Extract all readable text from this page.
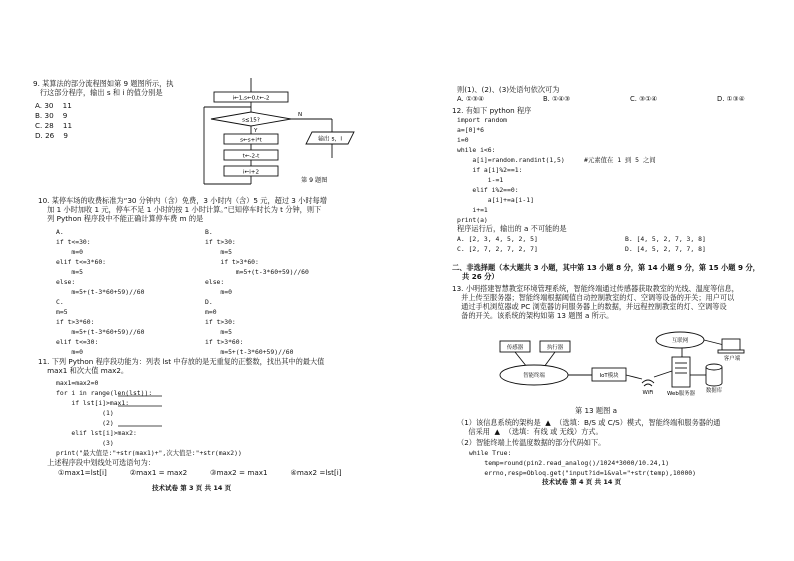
9. 某算法的部分流程图如第 9 题图所示，执
行这部分程序，输出 s 和 i 的值分别是
A. 30    11
B. 30    9
C. 28    11
D. 26    9
i←1,s←0,t←-2
s≤15?
Y
N
s←s+i*t
t←-2-t
i←i+2
输出 s，i
第 9 题图
10. 某停车场的收费标准为“30 分钟内（含）免费，3 小时内（含）5 元，超过 3 小时每增
加 1 小时加收 1 元，停车不足 1 小时的按 1 小时计算。”已知停车时长为 t 分钟，则下
列 Python 程序段中不能正确计算停车费 m 的是
A.
if t<=30:
m=0
elif t<=3*60:
m=5
else:
m=5+(t-3*60+59)//60
B.
if t>30:
m=5
if t>3*60:
m=5+(t-3*60+59)//60
else:
m=0
C.
m=5
if t>3*60:
m=5+(t-3*60+59)//60
elif t<=30:
m=0
D.
m=0
if t>30:
m=5
if t>3*60:
m=5+(t-3*60+59)//60
11. 下列 Python 程序段功能为：列表 lst 中存放的是无重复的正整数，找出其中的最大值
max1 和次大值 max2。
max1=max2=0
for i in range(len(lst)):
if lst[i]>max1:
(1)
(2)
elif lst[i]>max2:
(3)
print("最大值是:"+str(max1)+",次大值是:"+str(max2))
上述程序段中划线处可选语句为：
①max1=lst[i]          ②max1 = max2          ③max2 = max1          ④max2 =lst[i]
技术试卷 第 3 页 共 14 页
则(1)、(2)、(3)处语句依次可为
A. ①③④	B. ①④③	C. ③①④	D. ①③④
12. 有如下 python 程序
import random
a=[0]*6
i=0
while i<6:
a[i]=random.randint(1,5)     #元素值在 1 到 5 之间
if a[i]%2==1:
i-=1
elif i%2==0:
a[i]+=a[i-1]
i+=1
print(a)
程序运行后，输出的 a 不可能的是
A. [2, 3, 4, 5, 2, 5]	B. [4, 5, 2, 7, 3, 8]
C. [2, 7, 2, 7, 2, 7]	D. [4, 5, 2, 7, 7, 8]
二、非选择题（本大题共 3 小题，其中第 13 小题 8 分，第 14 小题 9 分，第 15 小题 9 分，
共 26 分）
13. 小明搭建智慧教室环境管理系统，智能终端通过传感器获取教室的光线、温度等信息，
并上传至服务器；智能终端根据阈值自动控制教室的灯、空调等设备的开关；用户可以
通过手机浏览器或 PC 浏览器访问服务器上的数据，并远程控制教室的灯、空调等设
备的开关。该系统的架构如第 13 题图 a 所示。
传感器	执行器
智能终端	IoT模块
WiFi
互联网
客户端
Web服务器 数据库
第 13 题图 a
（1）该信息系统的架构是  ▲  （选填：B/S 或 C/S）模式，智能终端和服务器的通
信采用  ▲  （选填：有线 或 无线）方式。
（2）智能终端上传温度数据的部分代码如下。
while True:
temp=round(pin2.read_analog()/1024*3000/10.24,1)
errno,resp=Obloq.get("input?id=1&val="+str(temp),10000)
技术试卷 第 4 页 共 14 页
